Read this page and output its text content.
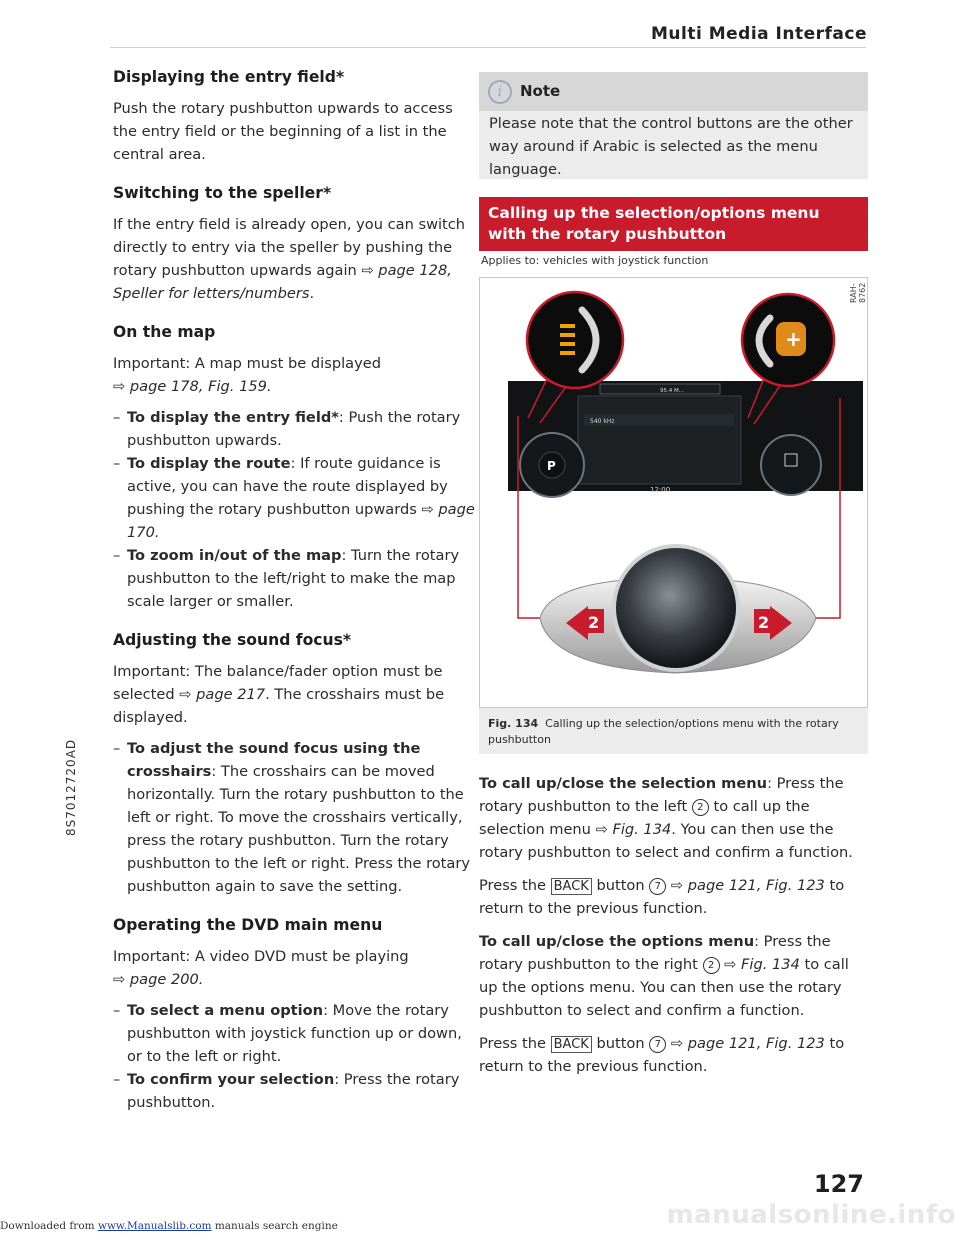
Multi Media Interface
Displaying the entry field*

Push the rotary pushbutton upwards to access the entry field or the beginning of a list in the central area.

Switching to the speller*

If the entry field is already open, you can switch directly to entry via the speller by pushing the rotary pushbutton upwards again ⇨ page 128, Speller for letters/numbers.

On the map

Important: A map must be displayed
⇨ page 178, Fig. 159.

– To display the entry field*: Push the rotary pushbutton upwards.
– To display the route: If route guidance is active, you can have the route displayed by pushing the rotary pushbutton upwards ⇨ page 170.
– To zoom in/out of the map: Turn the rotary pushbutton to the left/right to make the map scale larger or smaller.
Adjusting the sound focus*

Important: The balance/fader option must be selected ⇨ page 217. The crosshairs must be displayed.

– To adjust the sound focus using the crosshairs: The crosshairs can be moved horizontally. Turn the rotary pushbutton to the left or right. To move the crosshairs vertically, press the rotary pushbutton. Turn the rotary pushbutton to the left or right. Press the rotary pushbutton again to save the setting.
Operating the DVD main menu

Important: A video DVD must be playing
⇨ page 200.

– To select a menu option: Move the rotary pushbutton with joystick function up or down, or to the left or right.
– To confirm your selection: Press the rotary pushbutton.
i	Note
Please note that the control buttons are the other way around if Arabic is selected as the menu language.
Calling up the selection/options menu with the rotary pushbutton
Applies to: vehicles with joystick function
540 kHz
12:00
95.4 M...
P
+
2	2
RAH-8762
Fig. 134 Calling up the selection/options menu with the rotary pushbutton

To call up/close the selection menu: Press the rotary pushbutton to the left 2 to call up the selection menu ⇨ Fig. 134. You can then use the rotary pushbutton to select and confirm a function.

Press the BACK button 7 ⇨ page 121, Fig. 123 to return to the previous function.

To call up/close the options menu: Press the rotary pushbutton to the right 2 ⇨ Fig. 134 to call up the options menu. You can then use the rotary pushbutton to select and confirm a function.

Press the BACK button 7 ⇨ page 121, Fig. 123 to return to the previous function.

8S7012720AD
manualsonline.info
127
Downloaded from www.Manualslib.com manuals search engine
